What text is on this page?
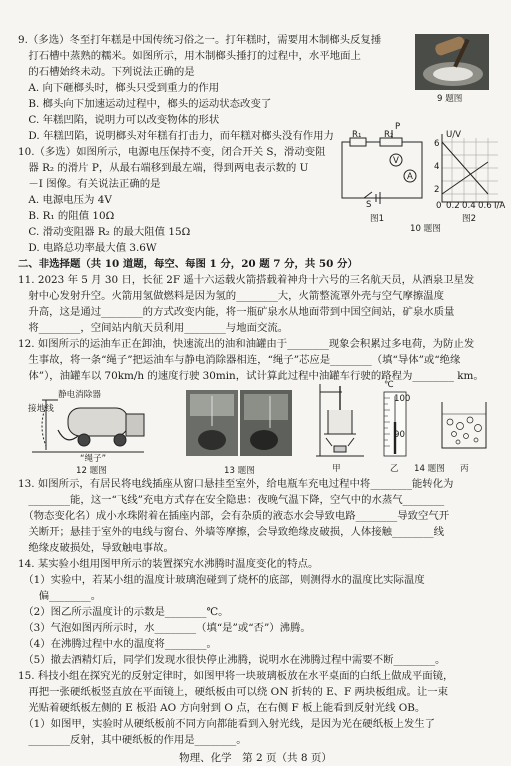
9.（多选）冬至打年糕是中国传统习俗之一。打年糕时，需要用木制榔头反复捶
　打石槽中蒸熟的糯米。如图所示，用木制榔头捶打的过程中，水平地面上
　的石槽始终未动。下列说法正确的是
　A. 向下砸榔头时，榔头只受到重力的作用
　B. 榔头向下加速运动过程中，榔头的运动状态改变了
　C. 年糕凹陷，说明力可以改变物体的形状
　D. 年糕凹陷，说明榔头对年糕有打击力，而年糕对榔头没有作用力
9 题图
10.（多选）如图所示，电源电压保持不变，闭合开关 S，滑动变阻
　器 R₂ 的滑片 P，从最右端移到最左端，得到两电表示数的 U
　－I 图像。有关说法正确的是
　A. 电源电压为 4V
　B. R₁ 的阻值 10Ω
　C. 滑动变阻器 R₂ 的最大阻值 15Ω
　D. 电路总功率最大值 3.6W
R₁
P
R₂
V
A
S
图1
U/V
6
4
2
0 0.2 0.4 0.6 I/A
图2
10 题图
二、非选择题（共 10 道题，每空、每图 1 分，20 题 7 分，共 50 分）
11. 2023 年 5 月 30 日，长征 2F 遥十六运载火箭搭载着神舟十六号的三名航天员，从酒泉卫星发
　射中心发射升空。火箭用氢做燃料是因为氢的________大，火箭整流罩外壳与空气摩擦温度
　升高，这是通过________的方式改变内能，将一瓶矿泉水从地面带到中国空间站，矿泉水质量
　将________，空间站内航天员利用________与地面交流。
12. 如图所示的运油车正在卸油，快速流出的油和油罐由于________现象会积累过多电荷，为防止发
　生事故，将一条“绳子”把运油车与静电消除器相连，“绳子”芯应是________（填“导体”或“绝缘
　体”），油罐车以 70km/h 的速度行驶 30min，试计算此过程中油罐车行驶的路程为________ km。
静电消除器
接地线
“绳子”
12 题图	13 题图	甲
℃
100
90
乙 14 题图 丙
13. 如图所示，有居民将电线插座从窗口悬挂至室外，给电瓶车充电过程中将________能转化为
　________能，这一“飞线”充电方式存在安全隐患：夜晚气温下降，空气中的水蒸气________
　（物态变化名）成小水珠附着在插座内部，会有杂质的液态水会导致电路________导致空气开
　关断开；悬挂于室外的电线与窗台、外墙等摩擦，会导致绝缘皮破损，人体接触________线
　绝缘皮破损处，导致触电事故。
14. 某实验小组用图甲所示的装置探究水沸腾时温度变化的特点。
　（1）实验中，若某小组的温度计玻璃泡碰到了烧杯的底部，则测得水的温度比实际温度
　　偏________。
　（2）图乙所示温度计的示数是________℃。
　（3）气泡如图丙所示时，水________（填“是”或“否”）沸腾。
　（4）在沸腾过程中水的温度将________。
　（5）撤去酒精灯后，同学们发现水很快停止沸腾，说明水在沸腾过程中需要不断________。
15. 科技小组在探究光的反射定律时，如图甲将一块玻璃板放在水平桌面的白纸上做成平面镜，
　再把一张硬纸板竖直放在平面镜上，硬纸板由可以绕 ON 折转的 E、F 两块板组成。让一束
　光贴着硬纸板左侧的 E 板沿 AO 方向射到 O 点，在右侧 F 板上能看到反射光线 OB。
　（1）如图甲，实验时从硬纸板前不同方向都能看到入射光线，是因为光在硬纸板上发生了
　________反射，其中硬纸板的作用是________。
物理、化学　第 2 页（共 8 页）
